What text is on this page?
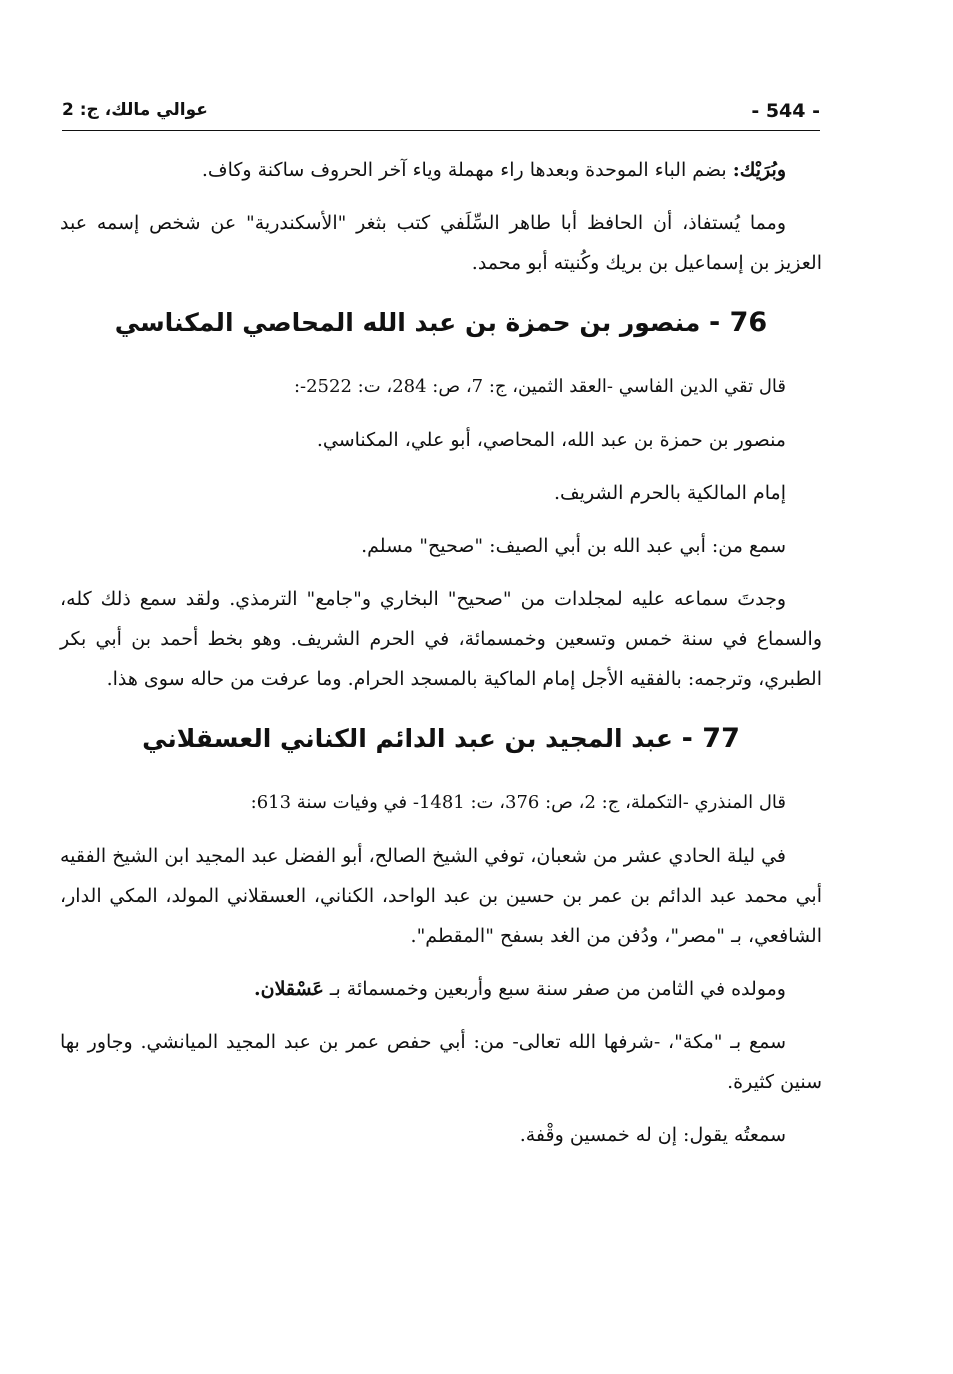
- 544 -
عوالي مالك، ج: 2

وبُرَيْك: بضم الباء الموحدة وبعدها راء مهملة وياء آخر الحروف ساكنة وكاف.

ومما يُستفاذ، أن الحافظ أبا طاهر السِّلَفي كتب بثغر "الأسكندرية" عن شخص إسمه عبد العزيز بن إسماعيل بن بريك وكُنيته أبو محمد.

76 - منصور بن حمزة بن عبد الله المحاصي المكناسي

قال تقي الدين الفاسي -العقد الثمين، ج: 7، ص: 284، ت: 2522-:

منصور بن حمزة بن عبد الله، المحاصي، أبو علي، المكناسي.

إمام المالكية بالحرم الشريف.

سمع من: أبي عبد الله بن أبي الصيف: "صحيح" مسلم.

وجدتَ سماعه عليه لمجلدات من "صحيح" البخاري و"جامع" الترمذي. ولقد سمع ذلك كله، والسماع في سنة خمس وتسعين وخمسمائة، في الحرم الشريف. وهو بخط أحمد بن أبي بكر الطبري، وترجمه: بالفقيه الأجل إمام الماكية بالمسجد الحرام. وما عرفت من حاله سوى هذا.

77 - عبد المجيد بن عبد الدائم الكناني العسقلاني

قال المنذري -التكملة، ج: 2، ص: 376، ت: 1481- في وفيات سنة 613:

في ليلة الحادي عشر من شعبان، توفي الشيخ الصالح، أبو الفضل عبد المجيد ابن الشيخ الفقيه أبي محمد عبد الدائم بن عمر بن حسين بن عبد الواحد، الكناني، العسقلاني المولد، المكي الدار، الشافعي، بـ "مصر"، ودُفن من الغد بسفح "المقطم".

ومولده في الثامن من صفر سنة سبع وأربعين وخمسمائة بـ عَسْقلان.

سمع بـ "مكة"، -شرفها الله تعالى- من: أبي حفص عمر بن عبد المجيد الميانشي. وجاور بها سنين كثيرة.

سمعتُه يقول: إن له خمسين وقْفة.
